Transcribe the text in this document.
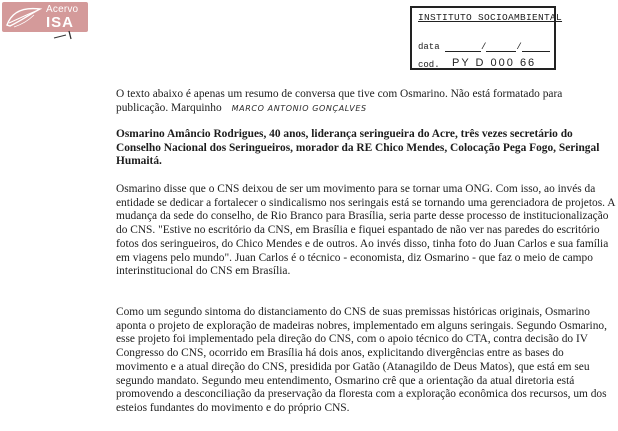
Acervo
ISA	INSTITUTO SOCIOAMBIENTAL
data	/	/
cod.	PY D 000 66

O texto abaixo é apenas um resumo de conversa que tive com Osmarino. Não está formatado para publicação. Marquinho MARCO ANTONIO GONÇALVES

Osmarino Amâncio Rodrigues, 40 anos, liderança seringueira do Acre, três vezes secretário do Conselho Nacional dos Seringueiros, morador da RE Chico Mendes, Colocação Pega Fogo, Seringal Humaitá.

Osmarino disse que o CNS deixou de ser um movimento para se tornar uma ONG. Com isso, ao invés da entidade se dedicar a fortalecer o sindicalismo nos seringais está se tornando uma gerenciadora de projetos. A mudança da sede do conselho, de Rio Branco para Brasília, seria parte desse processo de institucionalização do CNS. "Estive no escritório da CNS, em Brasília e fiquei espantado de não ver nas paredes do escritório fotos dos seringueiros, do Chico Mendes e de outros. Ao invés disso, tinha foto do Juan Carlos e sua família em viagens pelo mundo". Juan Carlos é o técnico - economista, diz Osmarino - que faz o meio de campo interinstitucional do CNS em Brasília.

Como um segundo sintoma do distanciamento do CNS de suas premissas históricas originais, Osmarino aponta o projeto de exploração de madeiras nobres, implementado em alguns seringais. Segundo Osmarino, esse projeto foi implementado pela direção do CNS, com o apoio técnico do CTA, contra decisão do IV Congresso do CNS, ocorrido em Brasília há dois anos, explicitando divergências entre as bases do movimento e a atual direção do CNS, presidida por Gatão (Atanagildo de Deus Matos), que está em seu segundo mandato. Segundo meu entendimento, Osmarino crê que a orientação da atual diretoria está promovendo a desconciliação da preservação da floresta com a exploração econômica dos recursos, um dos esteios fundantes do movimento e do próprio CNS.
